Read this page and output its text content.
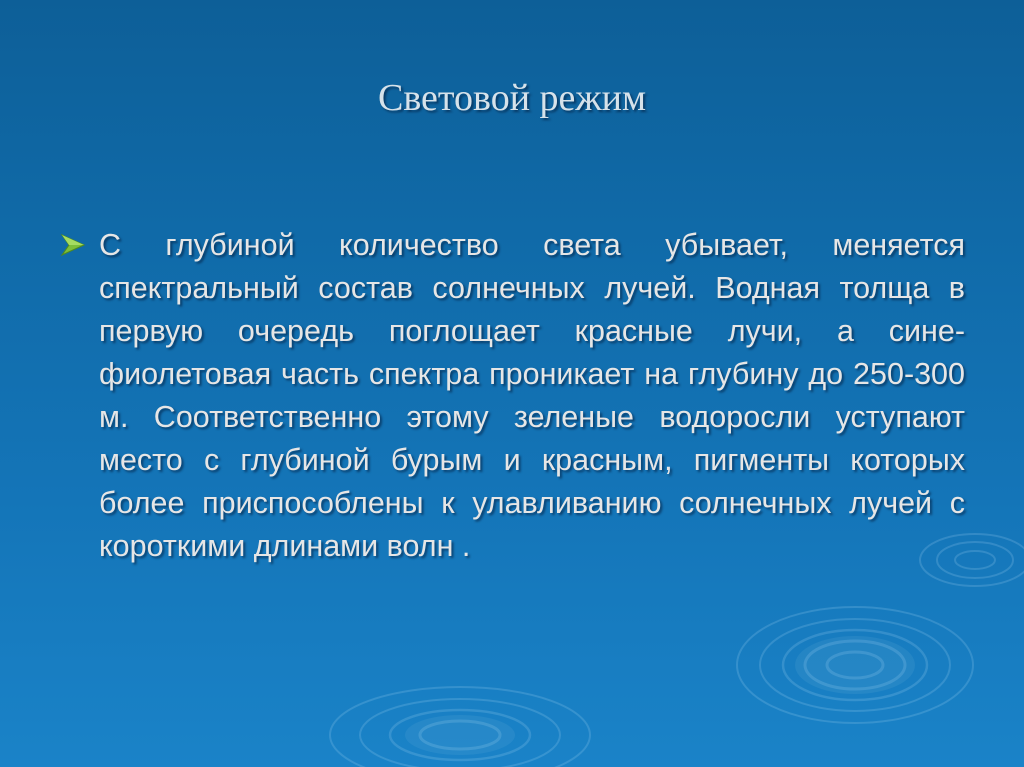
Световой режим

С глубиной количество света убывает, меняется спектральный состав солнечных лучей. Водная толща в первую очередь поглощает красные лучи, а сине-фиолетовая часть спектра проникает на глубину до 250-300 м. Соответственно этому зеленые водоросли уступают место с глубиной бурым и красным, пигменты которых более приспособлены к улавливанию солнечных лучей с короткими длинами волн .
